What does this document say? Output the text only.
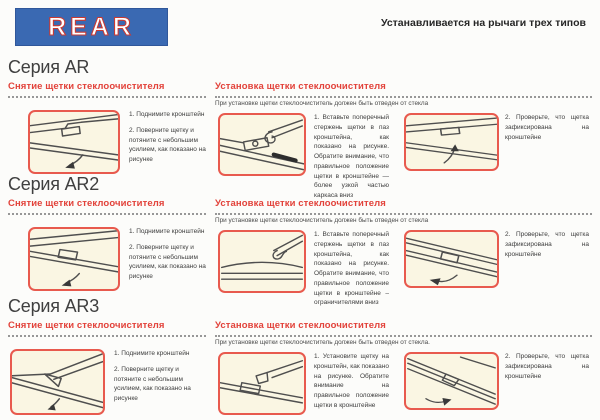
REAR	Устанавливается на рычаги трех типов
Серия AR
Снятие щетки стеклоочистителя

1. Поднимите кронштейн

2. Поверните щетку и потяните с небольшим усилием, как показано на рисунке

Установка щетки стеклоочистителя

При установке щетки стеклоочиститель должен быть отведен от стекла

1. Вставьте поперечный стержень щетки в паз кронштейна, как показано на рисунке. Обратите внимание, что правильное положение щетки в кронштейне — более узкой частью каркаса вниз

2. Проверьте, что щетка зафиксирована на кронштейне

Серия AR2
Снятие щетки стеклоочистителя

1. Поднимите кронштейн

2. Поверните щетку и потяните с небольшим усилием, как показано на рисунке

Установка щетки стеклоочистителя

При установке щетки стеклоочиститель должен быть отведен от стекла

1. Вставьте поперечный стержень щетки в паз кронштейна, как показано на рисунке. Обратите внимание, что правильное положение щетки в кронштейне – ограничителями вниз

2. Проверьте, что щетка зафиксирована на кронштейне

Серия AR3
Снятие щетки стеклоочистителя

1. Поднимите кронштейн

2. Поверните щетку и потяните с небольшим усилием, как показано на рисунке

Установка щетки стеклоочистителя

При установке щетки стеклоочиститель должен быть отведен от стекла.

1. Установите щетку на кронштейн, как показано на рисунке. Обратите внимание на правильное положение щетки в кронштейне

2. Проверьте, что щетка зафиксирована на кронштейне
